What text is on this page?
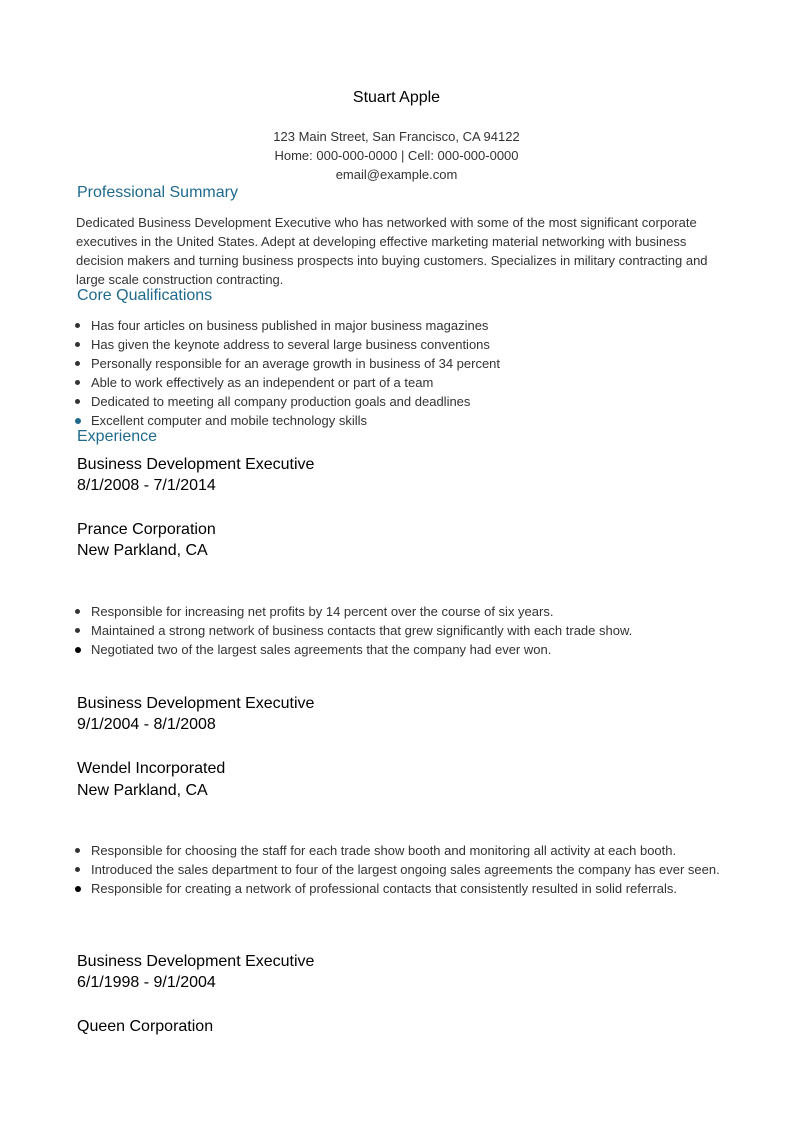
Stuart Apple
123 Main Street, San Francisco, CA 94122
Home: 000-000-0000 | Cell: 000-000-0000
email@example.com
Professional Summary
Dedicated Business Development Executive who has networked with some of the most significant corporate executives in the United States. Adept at developing effective marketing material networking with business decision makers and turning business prospects into buying customers. Specializes in military contracting and large scale construction contracting.
Core Qualifications
Has four articles on business published in major business magazines
Has given the keynote address to several large business conventions
Personally responsible for an average growth in business of 34 percent
Able to work effectively as an independent or part of a team
Dedicated to meeting all company production goals and deadlines
Excellent computer and mobile technology skills
Experience
Business Development Executive
8/1/2008 - 7/1/2014
Prance Corporation
New Parkland, CA
Responsible for increasing net profits by 14 percent over the course of six years.
Maintained a strong network of business contacts that grew significantly with each trade show.
Negotiated two of the largest sales agreements that the company had ever won.
Business Development Executive
9/1/2004 - 8/1/2008
Wendel Incorporated
New Parkland, CA
Responsible for choosing the staff for each trade show booth and monitoring all activity at each booth.
Introduced the sales department to four of the largest ongoing sales agreements the company has ever seen.
Responsible for creating a network of professional contacts that consistently resulted in solid referrals.
Business Development Executive
6/1/1998 - 9/1/2004
Queen Corporation
